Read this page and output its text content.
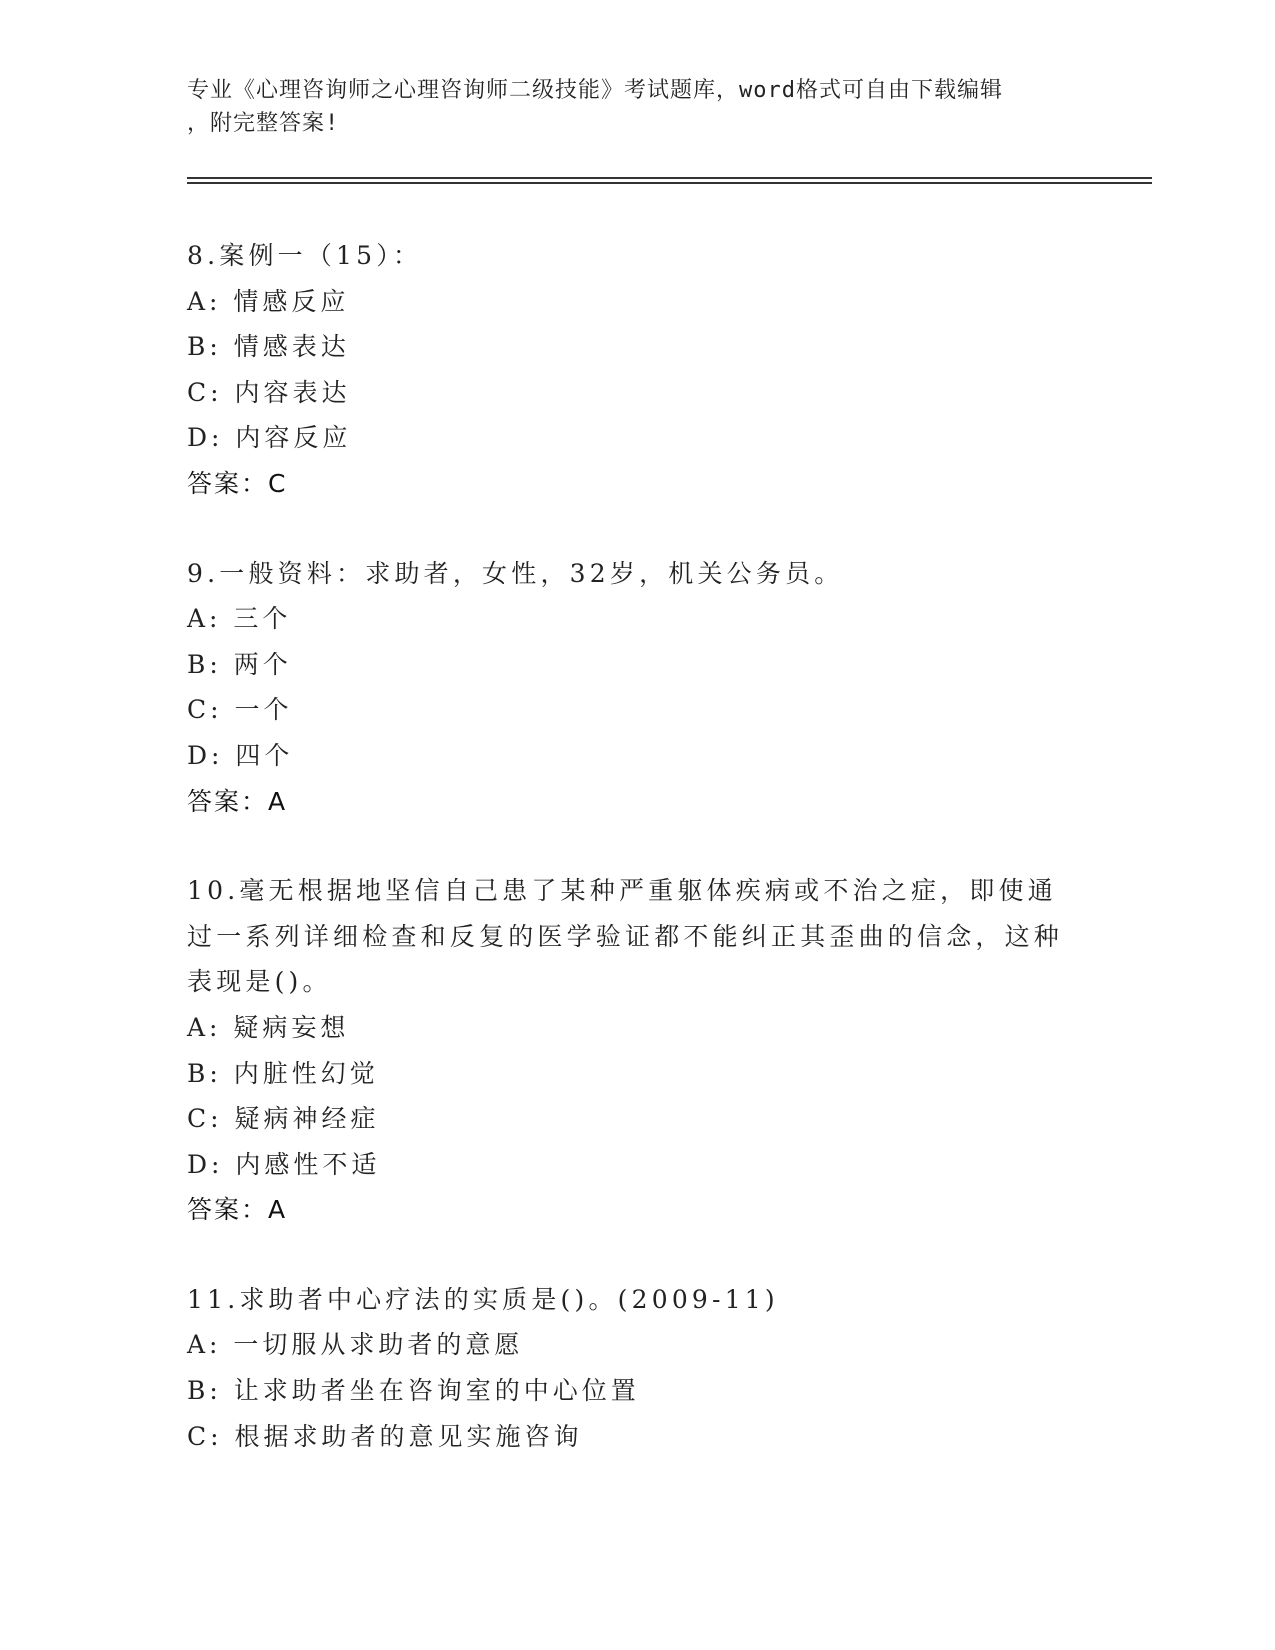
专业《心理咨询师之心理咨询师二级技能》考试题库，word格式可自由下载编辑
，附完整答案!
8.案例一（15）：
A: 情感反应
B: 情感表达
C: 内容表达
D: 内容反应
答案：C
9.一般资料：求助者，女性，32岁，机关公务员。
A: 三个
B: 两个
C: 一个
D: 四个
答案：A
10.毫无根据地坚信自己患了某种严重躯体疾病或不治之症，即使通过一系列详细检查和反复的医学验证都不能纠正其歪曲的信念，这种表现是()。
A: 疑病妄想
B: 内脏性幻觉
C: 疑病神经症
D: 内感性不适
答案：A
11.求助者中心疗法的实质是()。(2009-11)
A: 一切服从求助者的意愿
B: 让求助者坐在咨询室的中心位置
C: 根据求助者的意见实施咨询
